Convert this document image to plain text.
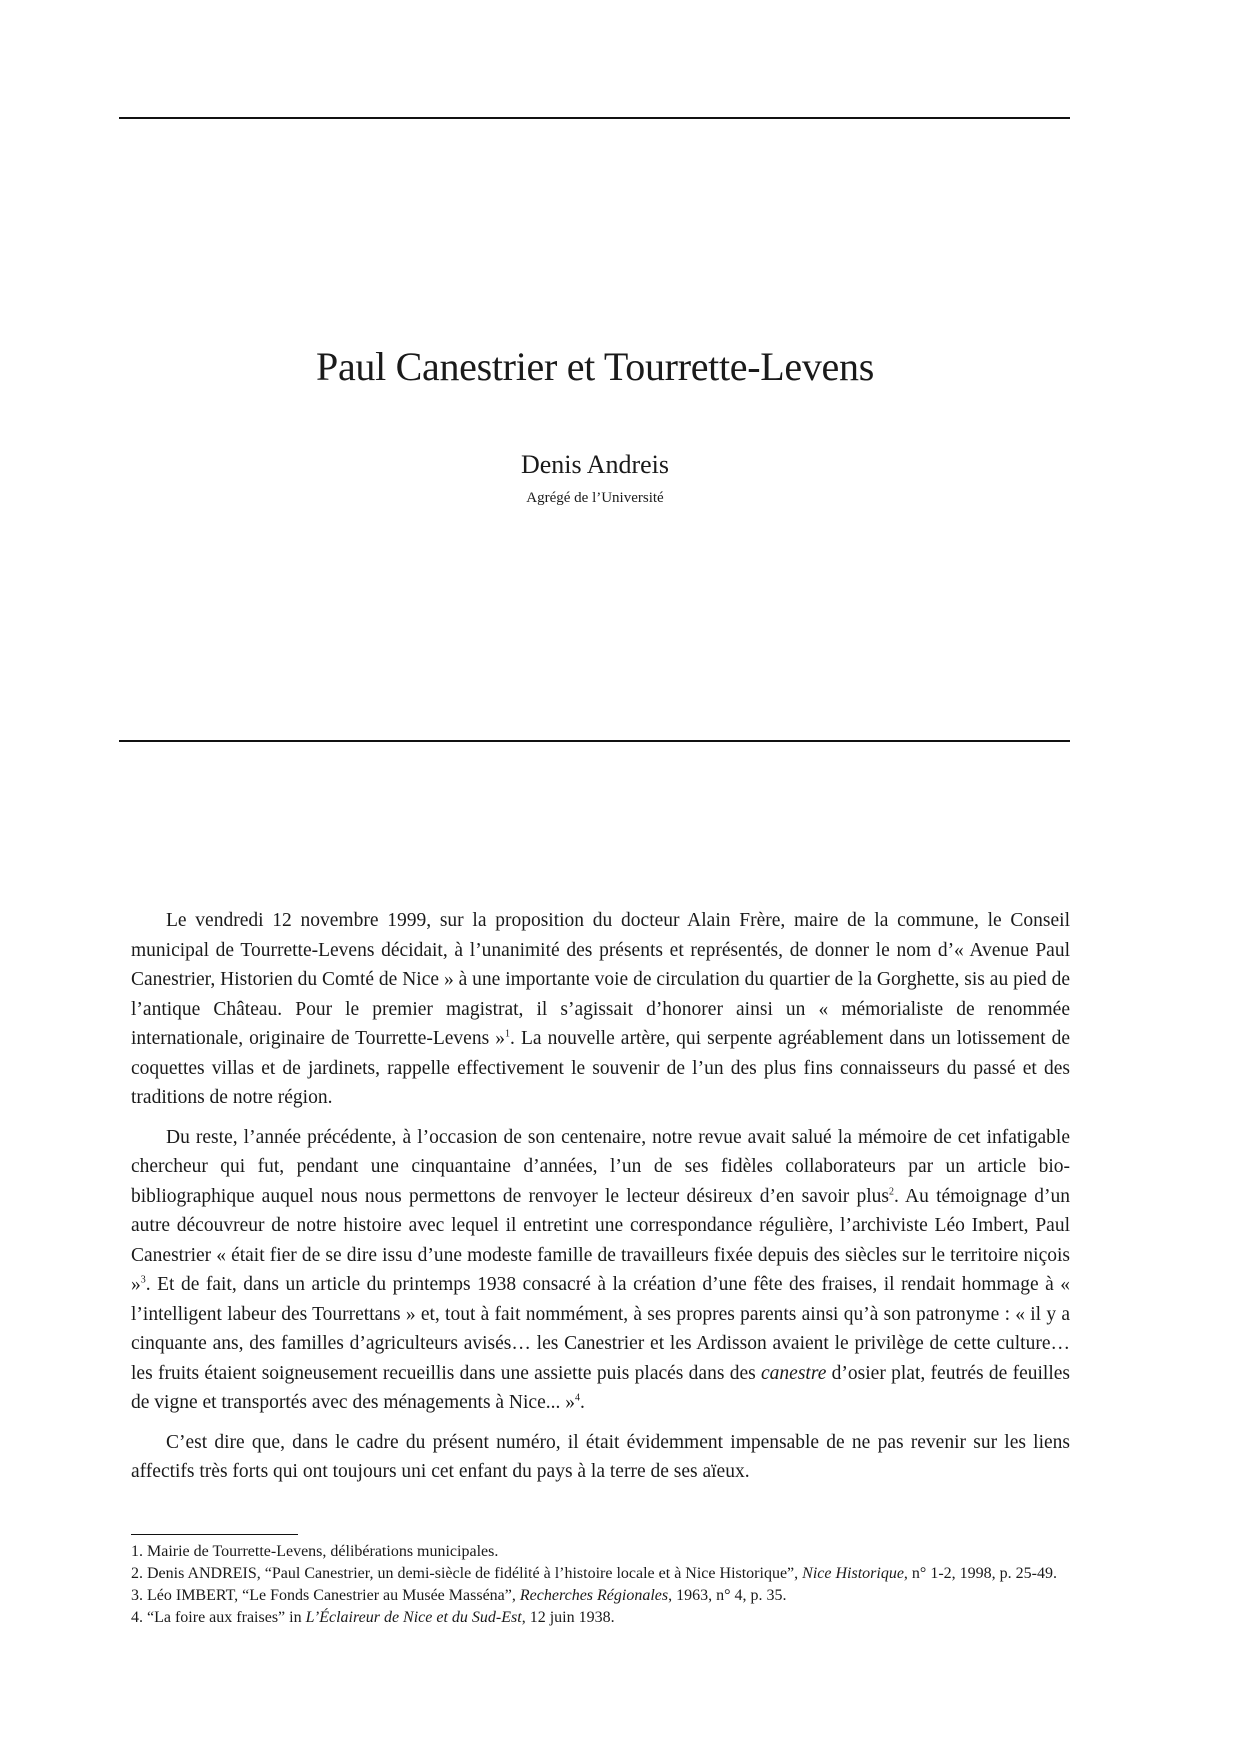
Paul Canestrier et Tourrette-Levens
Denis Andreis
Agrégé de l’Université

Le vendredi 12 novembre 1999, sur la proposition du docteur Alain Frère, maire de la commune, le Conseil municipal de Tourrette-Levens décidait, à l’unanimité des présents et représentés, de donner le nom d’« Avenue Paul Canestrier, Historien du Comté de Nice » à une importante voie de circulation du quartier de la Gorghette, sis au pied de l’antique Château. Pour le premier magistrat, il s’agissait d’honorer ainsi un « mémorialiste de renommée internationale, originaire de Tourrette-Levens »$^1$. La nouvelle artère, qui serpente agréablement dans un lotissement de coquettes villas et de jardinets, rappelle effectivement le souvenir de l’un des plus fins connaisseurs du passé et des traditions de notre région.

Du reste, l’année précédente, à l’occasion de son centenaire, notre revue avait salué la mémoire de cet infatigable chercheur qui fut, pendant une cinquantaine d’années, l’un de ses fidèles collaborateurs par un article bio-bibliographique auquel nous nous permettons de renvoyer le lecteur désireux d’en savoir plus$^2$. Au témoignage d’un autre découvreur de notre histoire avec lequel il entretint une correspondance régulière, l’archiviste Léo Imbert, Paul Canestrier « était fier de se dire issu d’une modeste famille de travailleurs fixée depuis des siècles sur le territoire niçois »$^3$. Et de fait, dans un article du printemps 1938 consacré à la création d’une fête des fraises, il rendait hommage à « l’intelligent labeur des Tourrettans » et, tout à fait nommément, à ses propres parents ainsi qu’à son patronyme : « il y a cinquante ans, des familles d’agriculteurs avisés… les Canestrier et les Ardisson avaient le privilège de cette culture… les fruits étaient soigneusement recueillis dans une assiette puis placés dans des canestre d’osier plat, feutrés de feuilles de vigne et transportés avec des ménagements à Nice... »$^4$.

C’est dire que, dans le cadre du présent numéro, il était évidemment impensable de ne pas revenir sur les liens affectifs très forts qui ont toujours uni cet enfant du pays à la terre de ses aïeux.

1. Mairie de Tourrette-Levens, délibérations municipales.

2. Denis ANDREIS, “Paul Canestrier, un demi-siècle de fidélité à l’histoire locale et à Nice Historique”, Nice Historique, n° 1-2, 1998, p. 25-49.

3. Léo IMBERT, “Le Fonds Canestrier au Musée Masséna”, Recherches Régionales, 1963, n° 4, p. 35.

4. “La foire aux fraises” in L’Éclaireur de Nice et du Sud-Est, 12 juin 1938.
